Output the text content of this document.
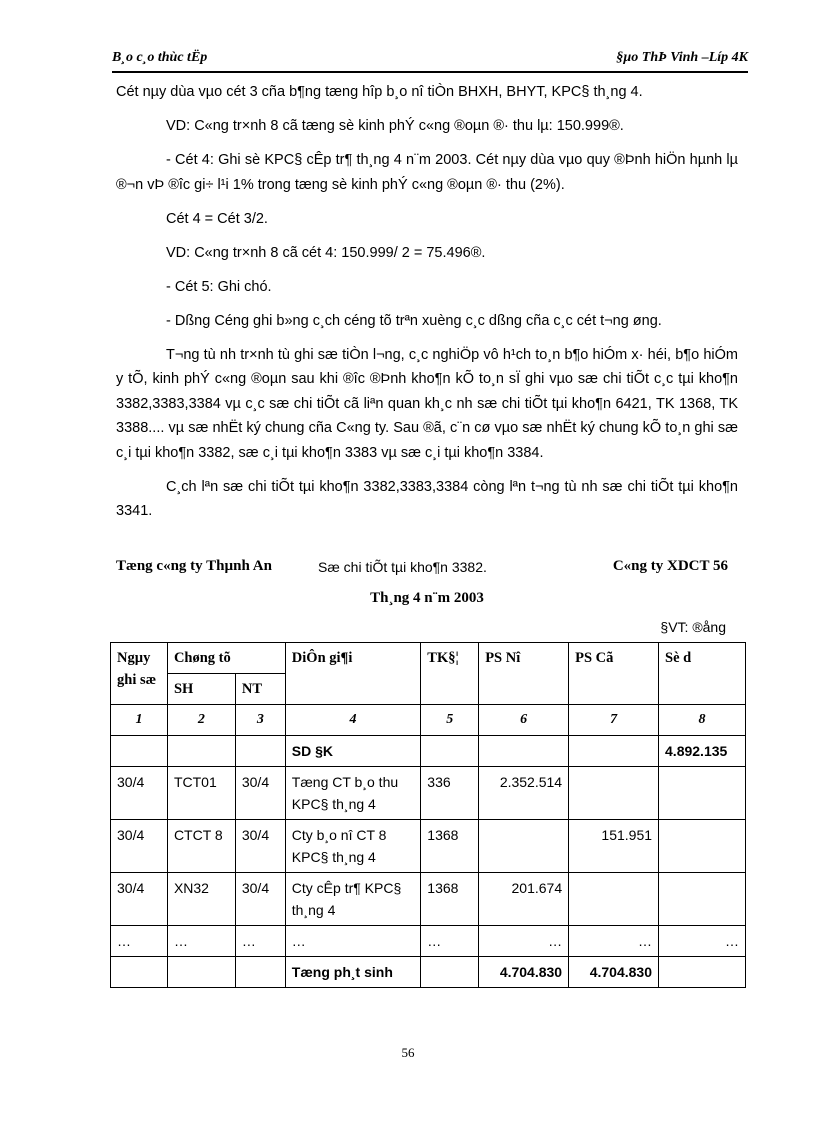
B¸o c¸o thùc tËp	§µo ThÞ Vinh –Líp 4K

Cét nµy dùa vµo cét 3 cña b¶ng tæng hîp b¸o nî tiÒn BHXH, BHYT, KPC§ th¸ng 4.

VD: C«ng tr×nh 8 cã tæng sè kinh phÝ c«ng ®oµn ®· thu lµ: 150.999®.

- Cét 4: Ghi sè KPC§ cÊp tr¶ th¸ng 4 n¨m 2003. Cét nµy dùa vµo quy ®Þnh hiÖn hµnh lµ ®¬n vÞ ®îc gi÷ l¹i 1% trong tæng sè kinh phÝ c«ng ®oµn ®· thu (2%).

Cét 4 = Cét 3/2.

VD: C«ng tr×nh 8 cã cét 4: 150.999/ 2 = 75.496®.

- Cét 5: Ghi chó.

- Dßng Céng ghi b»ng c¸ch céng tõ trªn xuèng c¸c dßng cña c¸c cét t¬ng øng.

T¬ng tù nh tr×nh tù ghi sæ tiÒn l¬ng, c¸c nghiÖp vô h¹ch to¸n b¶o hiÓm x· héi, b¶o hiÓm y tÕ, kinh phÝ c«ng ®oµn sau khi ®îc ®Þnh kho¶n kÕ to¸n sÏ ghi vµo sæ chi tiÕt c¸c tµi kho¶n 3382,3383,3384 vµ c¸c sæ chi tiÕt cã liªn quan kh¸c nh sæ chi tiÕt tµi kho¶n 6421, TK 1368, TK 3388.... vµ sæ nhËt ký chung cña C«ng ty. Sau ®ã, c¨n cø vµo sæ nhËt ký chung kÕ to¸n ghi sæ c¸i tµi kho¶n 3382, sæ c¸i tµi kho¶n 3383 vµ sæ c¸i tµi kho¶n 3384.

C¸ch lªn sæ chi tiÕt tµi kho¶n 3382,3383,3384 còng lªn t¬ng tù nh sæ chi tiÕt tµi kho¶n 3341.

Tæng c«ng ty Thµnh An	Sæ chi tiÕt tµi kho¶n 3382.	C«ng ty XDCT 56
Th¸ng 4 n¨m 2003
§VT: ®ång
Ngµy ghi sæ	Chøng tõ		DiÔn gi¶i	TK§¦	PS Nî	PS Cã	Sè d
	SH	NT					
1	2	3	4	5	6	7	8
			SD §K				4.892.135
30/4	TCT01	30/4	Tæng CT b¸o thu KPC§ th¸ng 4	336	2.352.514		
30/4	CTCT 8	30/4	Cty b¸o nî CT 8 KPC§ th¸ng 4	1368		151.951	
30/4	XN32	30/4	Cty cÊp tr¶ KPC§ th¸ng 4	1368	201.674		
…	…	…	…	…	…	…	…
			Tæng ph¸t sinh		4.704.830	4.704.830	
56
